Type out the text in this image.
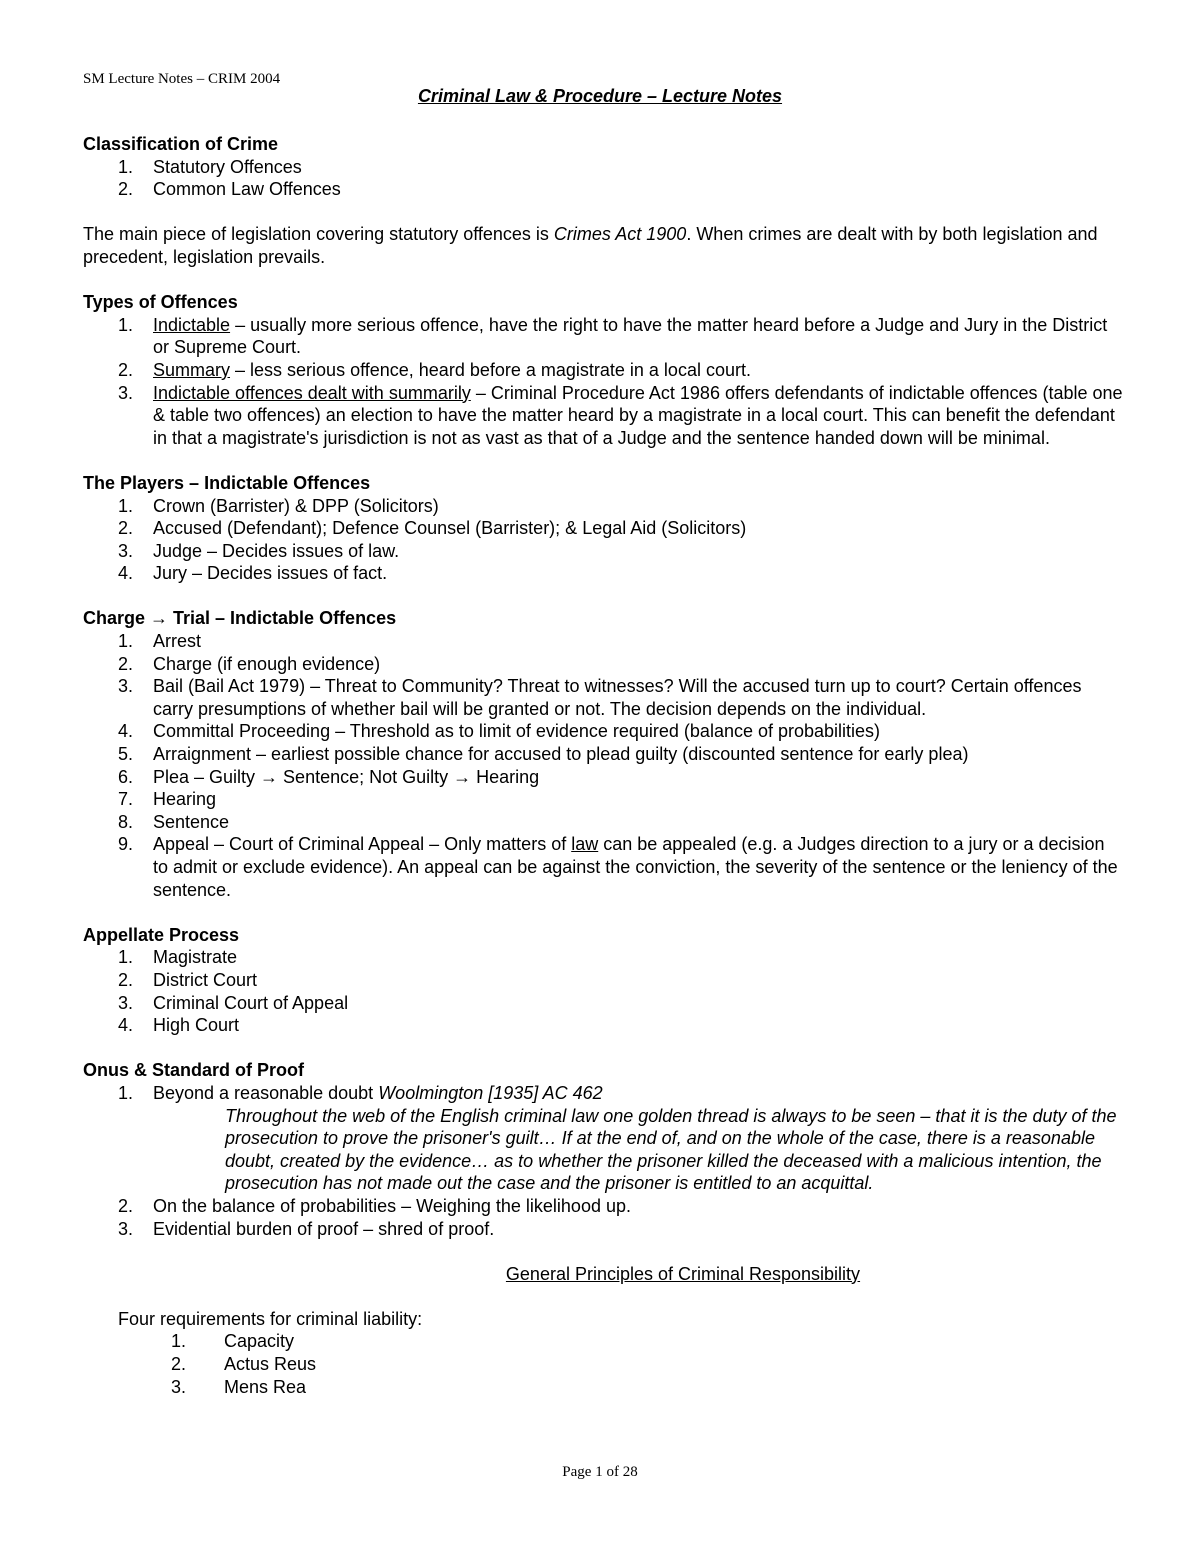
SM Lecture Notes – CRIM 2004
Criminal Law & Procedure – Lecture Notes

Classification of Crime

1. Statutory Offences
2. Common Law Offences

The main piece of legislation covering statutory offences is Crimes Act 1900. When crimes are dealt with by both legislation and precedent, legislation prevails.

Types of Offences

1. Indictable – usually more serious offence, have the right to have the matter heard before a Judge and Jury in the District or Supreme Court.
2. Summary – less serious offence, heard before a magistrate in a local court.
3. Indictable offences dealt with summarily – Criminal Procedure Act 1986 offers defendants of indictable offences (table one & table two offences) an election to have the matter heard by a magistrate in a local court. This can benefit the defendant in that a magistrate's jurisdiction is not as vast as that of a Judge and the sentence handed down will be minimal.

The Players – Indictable Offences

1. Crown (Barrister) & DPP (Solicitors)
2. Accused (Defendant); Defence Counsel (Barrister); & Legal Aid (Solicitors)
3. Judge – Decides issues of law.
4. Jury – Decides issues of fact.

Charge → Trial – Indictable Offences

1. Arrest
2. Charge (if enough evidence)
3. Bail (Bail Act 1979) – Threat to Community? Threat to witnesses? Will the accused turn up to court? Certain offences carry presumptions of whether bail will be granted or not. The decision depends on the individual.
4. Committal Proceeding – Threshold as to limit of evidence required (balance of probabilities)
5. Arraignment – earliest possible chance for accused to plead guilty (discounted sentence for early plea)
6. Plea – Guilty → Sentence; Not Guilty → Hearing
7. Hearing
8. Sentence
9. Appeal – Court of Criminal Appeal – Only matters of law can be appealed (e.g. a Judges direction to a jury or a decision to admit or exclude evidence). An appeal can be against the conviction, the severity of the sentence or the leniency of the sentence.

Appellate Process

1. Magistrate
2. District Court
3. Criminal Court of Appeal
4. High Court

Onus & Standard of Proof

1. Beyond a reasonable doubt Woolmington [1935] AC 462
Throughout the web of the English criminal law one golden thread is always to be seen – that it is the duty of the prosecution to prove the prisoner's guilt… If at the end of, and on the whole of the case, there is a reasonable doubt, created by the evidence… as to whether the prisoner killed the deceased with a malicious intention, the prosecution has not made out the case and the prisoner is entitled to an acquittal.
2. On the balance of probabilities – Weighing the likelihood up.
3. Evidential burden of proof – shred of proof.

General Principles of Criminal Responsibility

Four requirements for criminal liability:

1. Capacity
2. Actus Reus
3. Mens Rea
Page 1 of 28
